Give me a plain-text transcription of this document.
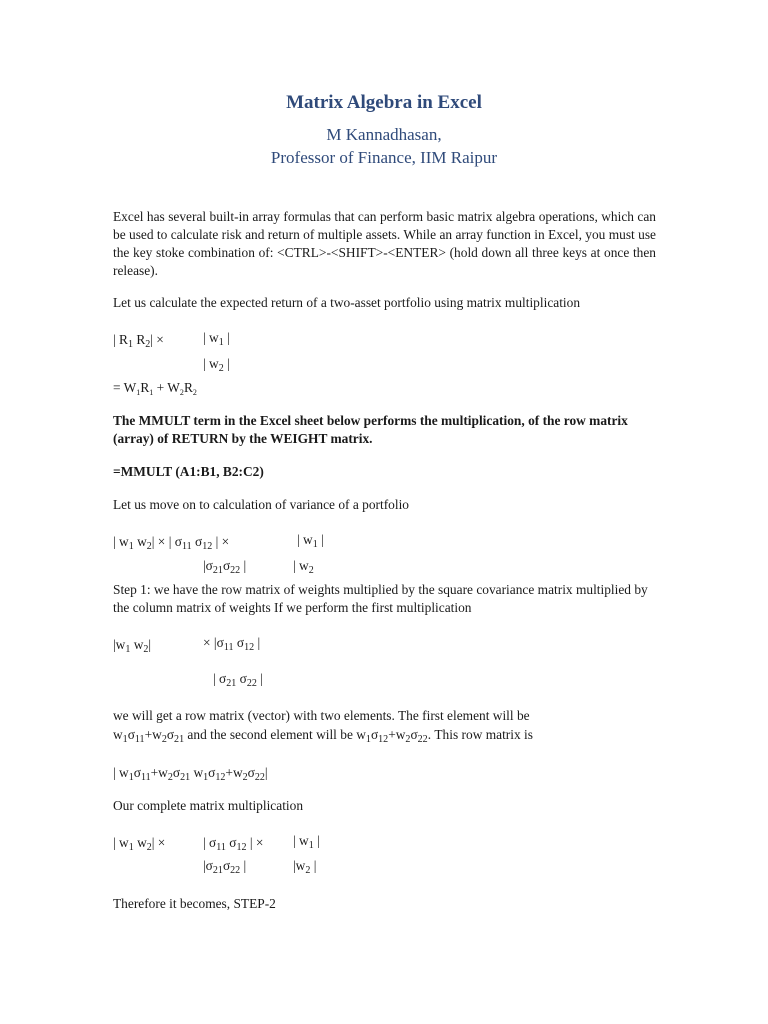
Matrix Algebra in Excel
M Kannadhasan,
Professor of Finance, IIM Raipur
Excel has several built-in array formulas that can perform basic matrix algebra operations, which can be used to calculate risk and return of multiple assets. While an array function in Excel, you must use the key stoke combination of: <CTRL>-<SHIFT>-<ENTER> (hold down all three keys at once then release).
Let us calculate the expected return of a two-asset portfolio using matrix multiplication
| $R_1$ $R_2|$ ×	| $w_1$ |
| $w_2$ |
= $W_1R_1 + W_2R_2$
The MMULT term in the Excel sheet below performs the multiplication, of the row matrix (array) of RETURN by the WEIGHT matrix.
=MMULT (A1:B1, B2:C2)
Let us move on to calculation of variance of a portfolio
| $w_1$ $w_2|$ × | $\sigma_{11}$ $\sigma_{12}$ | ×	| $w_1$ |
$|\sigma_{21}\sigma_{22}$ |	| $w_2$
Step 1: we have the row matrix of weights multiplied by the square covariance matrix multiplied by the column matrix of weights If we perform the first multiplication
$|w_1$ $w_2|$	× $|\sigma_{11}$ $\sigma_{12}$ |
| $\sigma_{21}$ $\sigma_{22}$ |
we will get a row matrix (vector) with two elements. The first element will be
$w_1\sigma_{11}+w_2\sigma_{21}$ and the second element will be $w_1\sigma_{12}+w_2\sigma_{22}$. This row matrix is
| $w_1\sigma_{11}+w_2\sigma_{21}$ $w_1\sigma_{12}+w_2\sigma_{22}|$
Our complete matrix multiplication
| $w_1$ $w_2|$ ×	| $\sigma_{11}$ $\sigma_{12}$ | × | $w_1$ |
$|\sigma_{21}\sigma_{22}$ |	$|w_2$ |
Therefore it becomes, STEP-2
